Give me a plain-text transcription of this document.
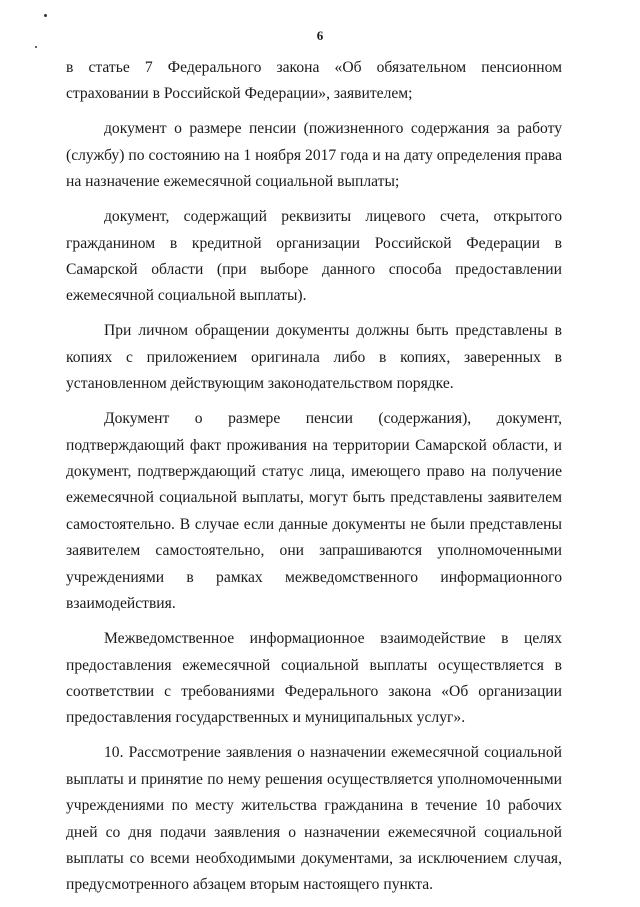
6

в статье 7 Федерального закона «Об обязательном пенсионном страховании в Российской Федерации», заявителем;

документ о размере пенсии (пожизненного содержания за работу (службу) по состоянию на 1 ноября 2017 года и на дату определения права на назначение ежемесячной социальной выплаты;

документ, содержащий реквизиты лицевого счета, открытого гражданином в кредитной организации Российской Федерации в Самарской области (при выборе данного способа предоставлении ежемесячной социальной выплаты).

При личном обращении документы должны быть представлены в копиях с приложением оригинала либо в копиях, заверенных в установленном действующим законодательством порядке.

Документ о размере пенсии (содержания), документ, подтверждающий факт проживания на территории Самарской области, и документ, подтверждающий статус лица, имеющего право на получение ежемесячной социальной выплаты, могут быть представлены заявителем самостоятельно. В случае если данные документы не были представлены заявителем самостоятельно, они запрашиваются уполномоченными учреждениями в рамках межведомственного информационного взаимодействия.

Межведомственное информационное взаимодействие в целях предоставления ежемесячной социальной выплаты осуществляется в соответствии с требованиями Федерального закона «Об организации предоставления государственных и муниципальных услуг».

10. Рассмотрение заявления о назначении ежемесячной социальной выплаты и принятие по нему решения осуществляется уполномоченными учреждениями по месту жительства гражданина в течение 10 рабочих дней со дня подачи заявления о назначении ежемесячной социальной выплаты со всеми необходимыми документами, за исключением случая, предусмотренного абзацем вторым настоящего пункта.
